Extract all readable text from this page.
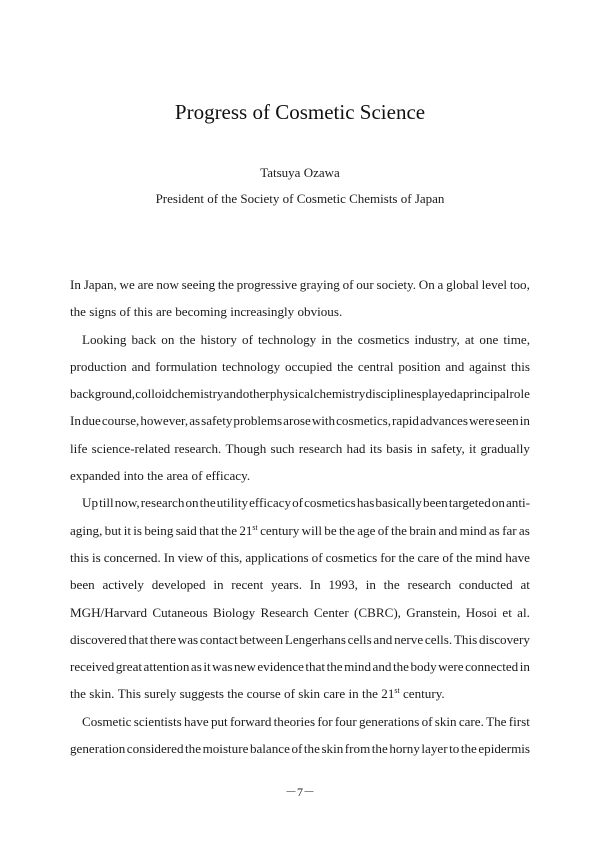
Progress of Cosmetic Science
Tatsuya Ozawa
President of the Society of Cosmetic Chemists of Japan
In Japan, we are now seeing the progressive graying of our society. On a global level too,
the signs of this are becoming increasingly obvious.
Looking back on the history of technology in the cosmetics industry, at one time,
production and formulation technology occupied the central position and against this
background, colloid chemistry and other physical chemistry disciplines played a principal role
In due course, however, as safety problems arose with cosmetics, rapid advances were seen in
life science-related research. Though such research had its basis in safety, it gradually
expanded into the area of efficacy.
Up till now, research on the utility efficacy of cosmetics has basically been targeted on anti-
aging, but it is being said that the 21st century will be the age of the brain and mind as far as
this is concerned. In view of this, applications of cosmetics for the care of the mind have
been actively developed in recent years. In 1993, in the research conducted at
MGH/Harvard Cutaneous Biology Research Center (CBRC), Granstein, Hosoi et al.
discovered that there was contact between Lengerhans cells and nerve cells. This discovery
received great attention as it was new evidence that the mind and the body were connected in
the skin. This surely suggests the course of skin care in the 21st century.
Cosmetic scientists have put forward theories for four generations of skin care. The first
generation considered the moisture balance of the skin from the horny layer to the epidermis
－7－
